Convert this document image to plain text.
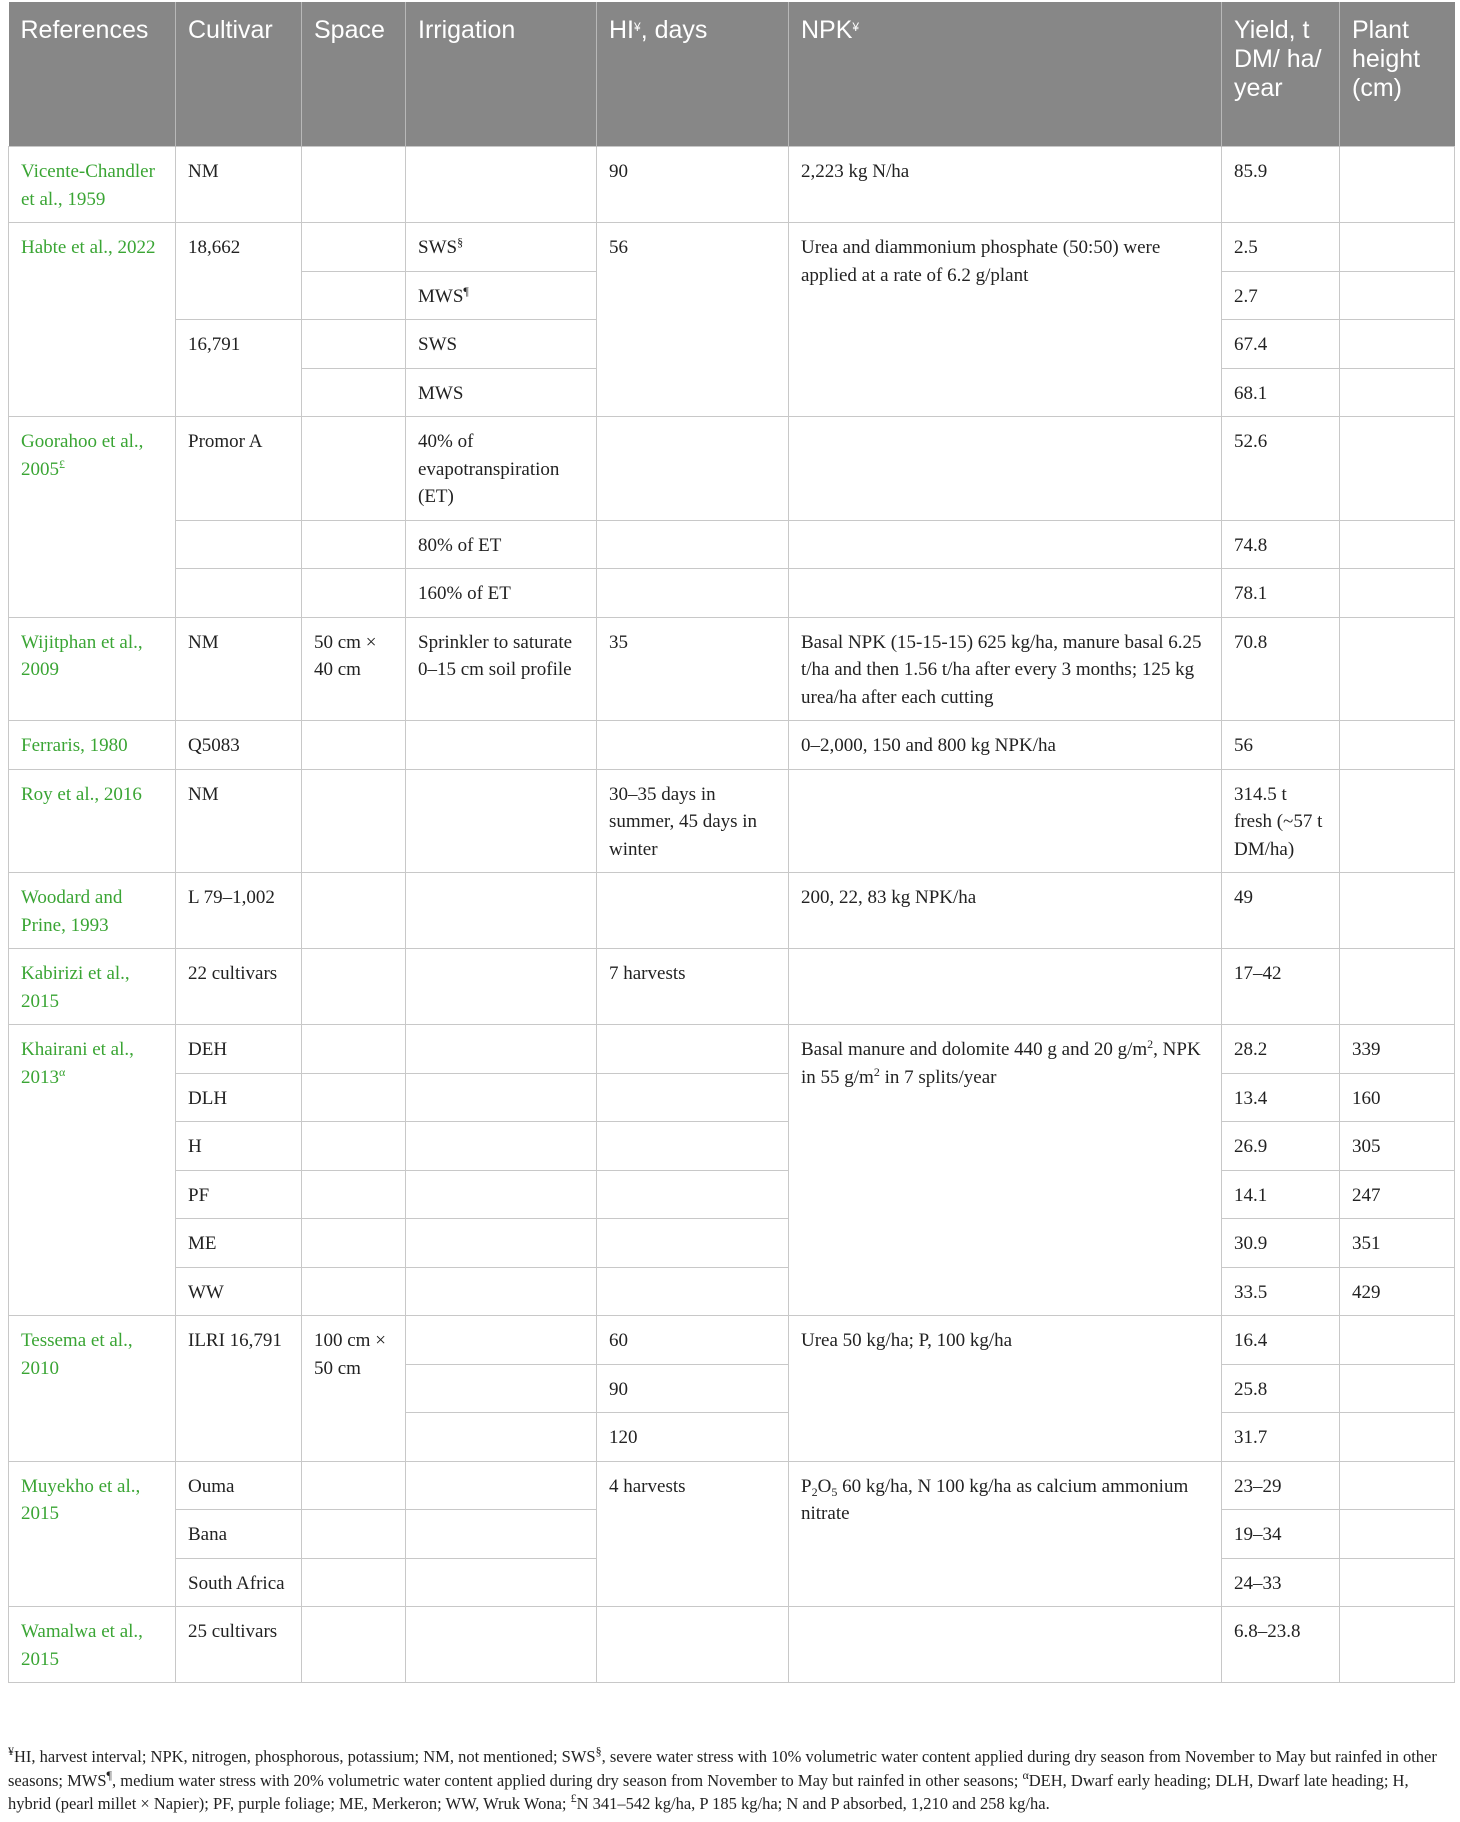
References	Cultivar	Space	Irrigation	HI¥, days	NPK¥	Yield, t DM/ ha/ year	Plant height (cm)
Vicente-Chandler et al., 1959	NM			90	2,223 kg N/ha	85.9	
Habte et al., 2022	18,662		SWS§	56	Urea and diammonium phosphate (50:50) were applied at a rate of 6.2 g/plant	2.5	
			MWS¶			2.7	
	16,791		SWS			67.4	
			MWS			68.1	
Goorahoo et al., 2005£	Promor A		40% of evapotranspiration (ET)			52.6	
			80% of ET			74.8	
			160% of ET			78.1	
Wijitphan et al., 2009	NM	50 cm × 40 cm	Sprinkler to saturate 0–15 cm soil profile	35	Basal NPK (15-15-15) 625 kg/ha, manure basal 6.25 t/ha and then 1.56 t/ha after every 3 months; 125 kg urea/ha after each cutting	70.8	
Ferraris, 1980	Q5083				0–2,000, 150 and 800 kg NPK/ha	56	
Roy et al., 2016	NM			30–35 days in summer, 45 days in winter		314.5 t fresh (~57 t DM/ha)	
Woodard and Prine, 1993	L 79–1,002				200, 22, 83 kg NPK/ha	49	
Kabirizi et al., 2015	22 cultivars			7 harvests		17–42	
Khairani et al., $2013^\alpha$	DEH				Basal manure and dolomite 440 g and 20 $g/m^2$, NPK in 55 $g/m^2$ in 7 splits/year	28.2	339
	DLH					13.4	160
	H					26.9	305
	PF					14.1	247
	ME					30.9	351
	WW					33.5	429
Tessema et al., 2010	ILRI 16,791	100 cm × 50 cm		60	Urea 50 kg/ha; P, 100 kg/ha	16.4	
				90		25.8	
				120		31.7	
Muyekho et al., 2015	Ouma			4 harvests	$P_2O_5$ 60 kg/ha, N 100 kg/ha as calcium ammonium nitrate	23–29	
	Bana					19–34	
	South Africa					24–33	
Wamalwa et al., 2015	25 cultivars					6.8–23.8	
¥HI, harvest interval; NPK, nitrogen, phosphorous, potassium; NM, not mentioned; SWS§, severe water stress with 10% volumetric water content applied during dry season from November to May but rainfed in other seasons; MWS¶, medium water stress with 20% volumetric water content applied during dry season from November to May but rainfed in other seasons; $^\alpha$DEH, Dwarf early heading; DLH, Dwarf late heading; H, hybrid (pearl millet × Napier); PF, purple foliage; ME, Merkeron; WW, Wruk Wona; £N 341–542 kg/ha, P 185 kg/ha; N and P absorbed, 1,210 and 258 kg/ha.
